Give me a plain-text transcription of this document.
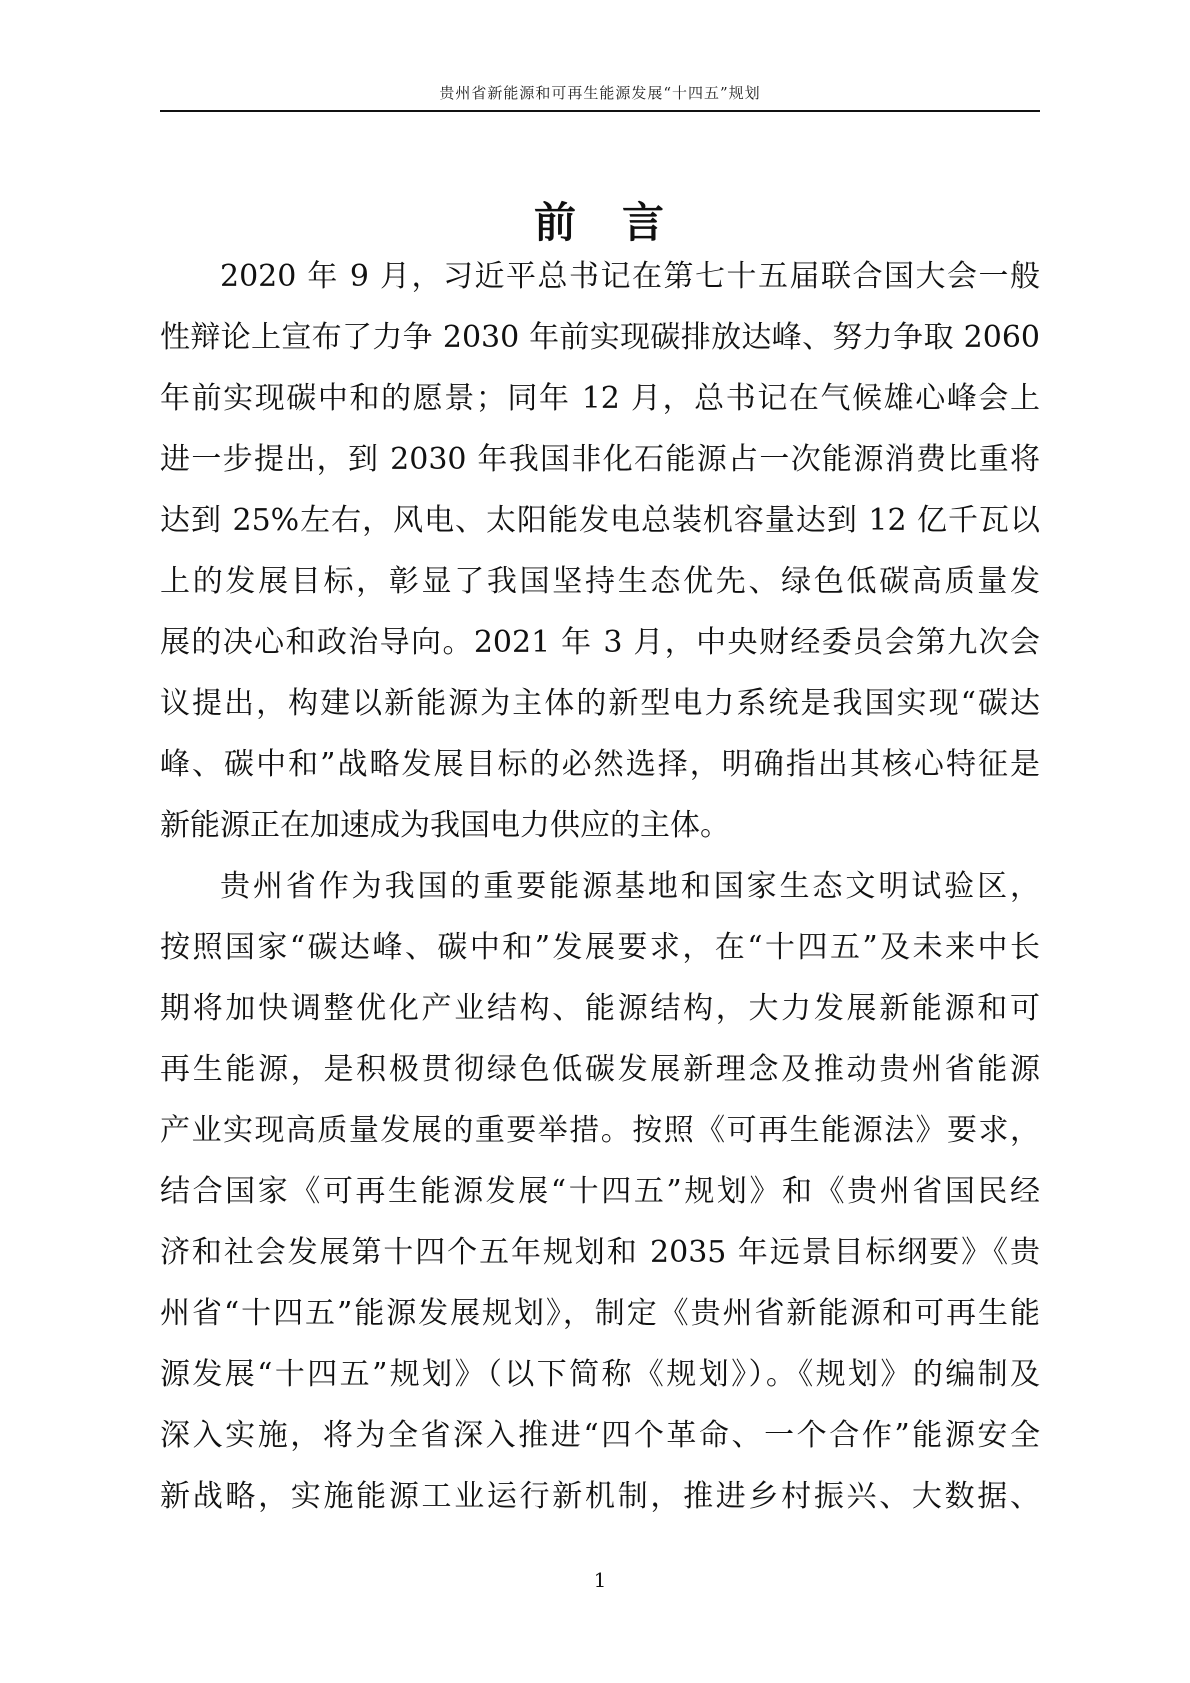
贵州省新能源和可再生能源发展“十四五”规划
前　言
2020 年 9 月，习近平总书记在第七十五届联合国大会一般
性辩论上宣布了力争 2030 年前实现碳排放达峰、努力争取 2060
年前实现碳中和的愿景；同年 12 月，总书记在气候雄心峰会上
进一步提出，到 2030 年我国非化石能源占一次能源消费比重将
达到 25%左右，风电、太阳能发电总装机容量达到 12 亿千瓦以
上的发展目标，彰显了我国坚持生态优先、绿色低碳高质量发
展的决心和政治导向。2021 年 3 月，中央财经委员会第九次会
议提出，构建以新能源为主体的新型电力系统是我国实现“碳达
峰、碳中和”战略发展目标的必然选择，明确指出其核心特征是
新能源正在加速成为我国电力供应的主体。
贵州省作为我国的重要能源基地和国家生态文明试验区，
按照国家“碳达峰、碳中和”发展要求，在“十四五”及未来中长
期将加快调整优化产业结构、能源结构，大力发展新能源和可
再生能源，是积极贯彻绿色低碳发展新理念及推动贵州省能源
产业实现高质量发展的重要举措。按照《可再生能源法》要求，
结合国家《可再生能源发展“十四五”规划》和《贵州省国民经
济和社会发展第十四个五年规划和 2035 年远景目标纲要》《贵
州省“十四五”能源发展规划》，制定《贵州省新能源和可再生能
源发展“十四五”规划》（以下简称《规划》）。《规划》的编制及
深入实施，将为全省深入推进“四个革命、一个合作”能源安全
新战略，实施能源工业运行新机制，推进乡村振兴、大数据、
1
